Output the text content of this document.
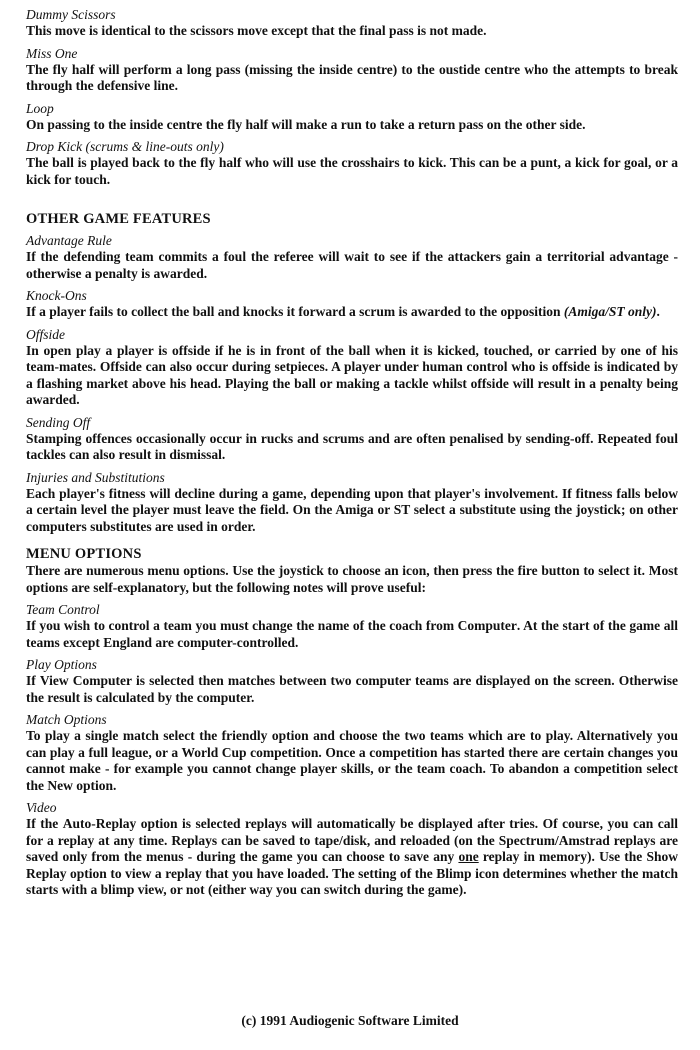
Dummy Scissors

This move is identical to the scissors move except that the final pass is not made.

Miss One

The fly half will perform a long pass (missing the inside centre) to the oustide centre who the attempts to break through the defensive line.

Loop

On passing to the inside centre the fly half will make a run to take a return pass on the other side.

Drop Kick (scrums & line-outs only)

The ball is played back to the fly half who will use the crosshairs to kick. This can be a punt, a kick for goal, or a kick for touch.

OTHER GAME FEATURES

Advantage Rule

If the defending team commits a foul the referee will wait to see if the attackers gain a territorial advantage - otherwise a penalty is awarded.

Knock-Ons

If a player fails to collect the ball and knocks it forward a scrum is awarded to the opposition (Amiga/ST only).

Offside

In open play a player is offside if he is in front of the ball when it is kicked, touched, or carried by one of his team-mates. Offside can also occur during setpieces. A player under human control who is offside is indicated by a flashing market above his head. Playing the ball or making a tackle whilst offside will result in a penalty being awarded.

Sending Off

Stamping offences occasionally occur in rucks and scrums and are often penalised by sending-off. Repeated foul tackles can also result in dismissal.

Injuries and Substitutions

Each player's fitness will decline during a game, depending upon that player's involvement. If fitness falls below a certain level the player must leave the field. On the Amiga or ST select a substitute using the joystick; on other computers substitutes are used in order.

MENU OPTIONS

There are numerous menu options. Use the joystick to choose an icon, then press the fire button to select it. Most options are self-explanatory, but the following notes will prove useful:

Team Control

If you wish to control a team you must change the name of the coach from Computer. At the start of the game all teams except England are computer-controlled.

Play Options

If View Computer is selected then matches between two computer teams are displayed on the screen. Otherwise the result is calculated by the computer.

Match Options

To play a single match select the friendly option and choose the two teams which are to play. Alternatively you can play a full league, or a World Cup competition. Once a competition has started there are certain changes you cannot make - for example you cannot change player skills, or the team coach. To abandon a competition select the New option.

Video

If the Auto-Replay option is selected replays will automatically be displayed after tries. Of course, you can call for a replay at any time. Replays can be saved to tape/disk, and reloaded (on the Spectrum/Amstrad replays are saved only from the menus - during the game you can choose to save any one replay in memory). Use the Show Replay option to view a replay that you have loaded. The setting of the Blimp icon determines whether the match starts with a blimp view, or not (either way you can switch during the game).

(c) 1991 Audiogenic Software Limited
